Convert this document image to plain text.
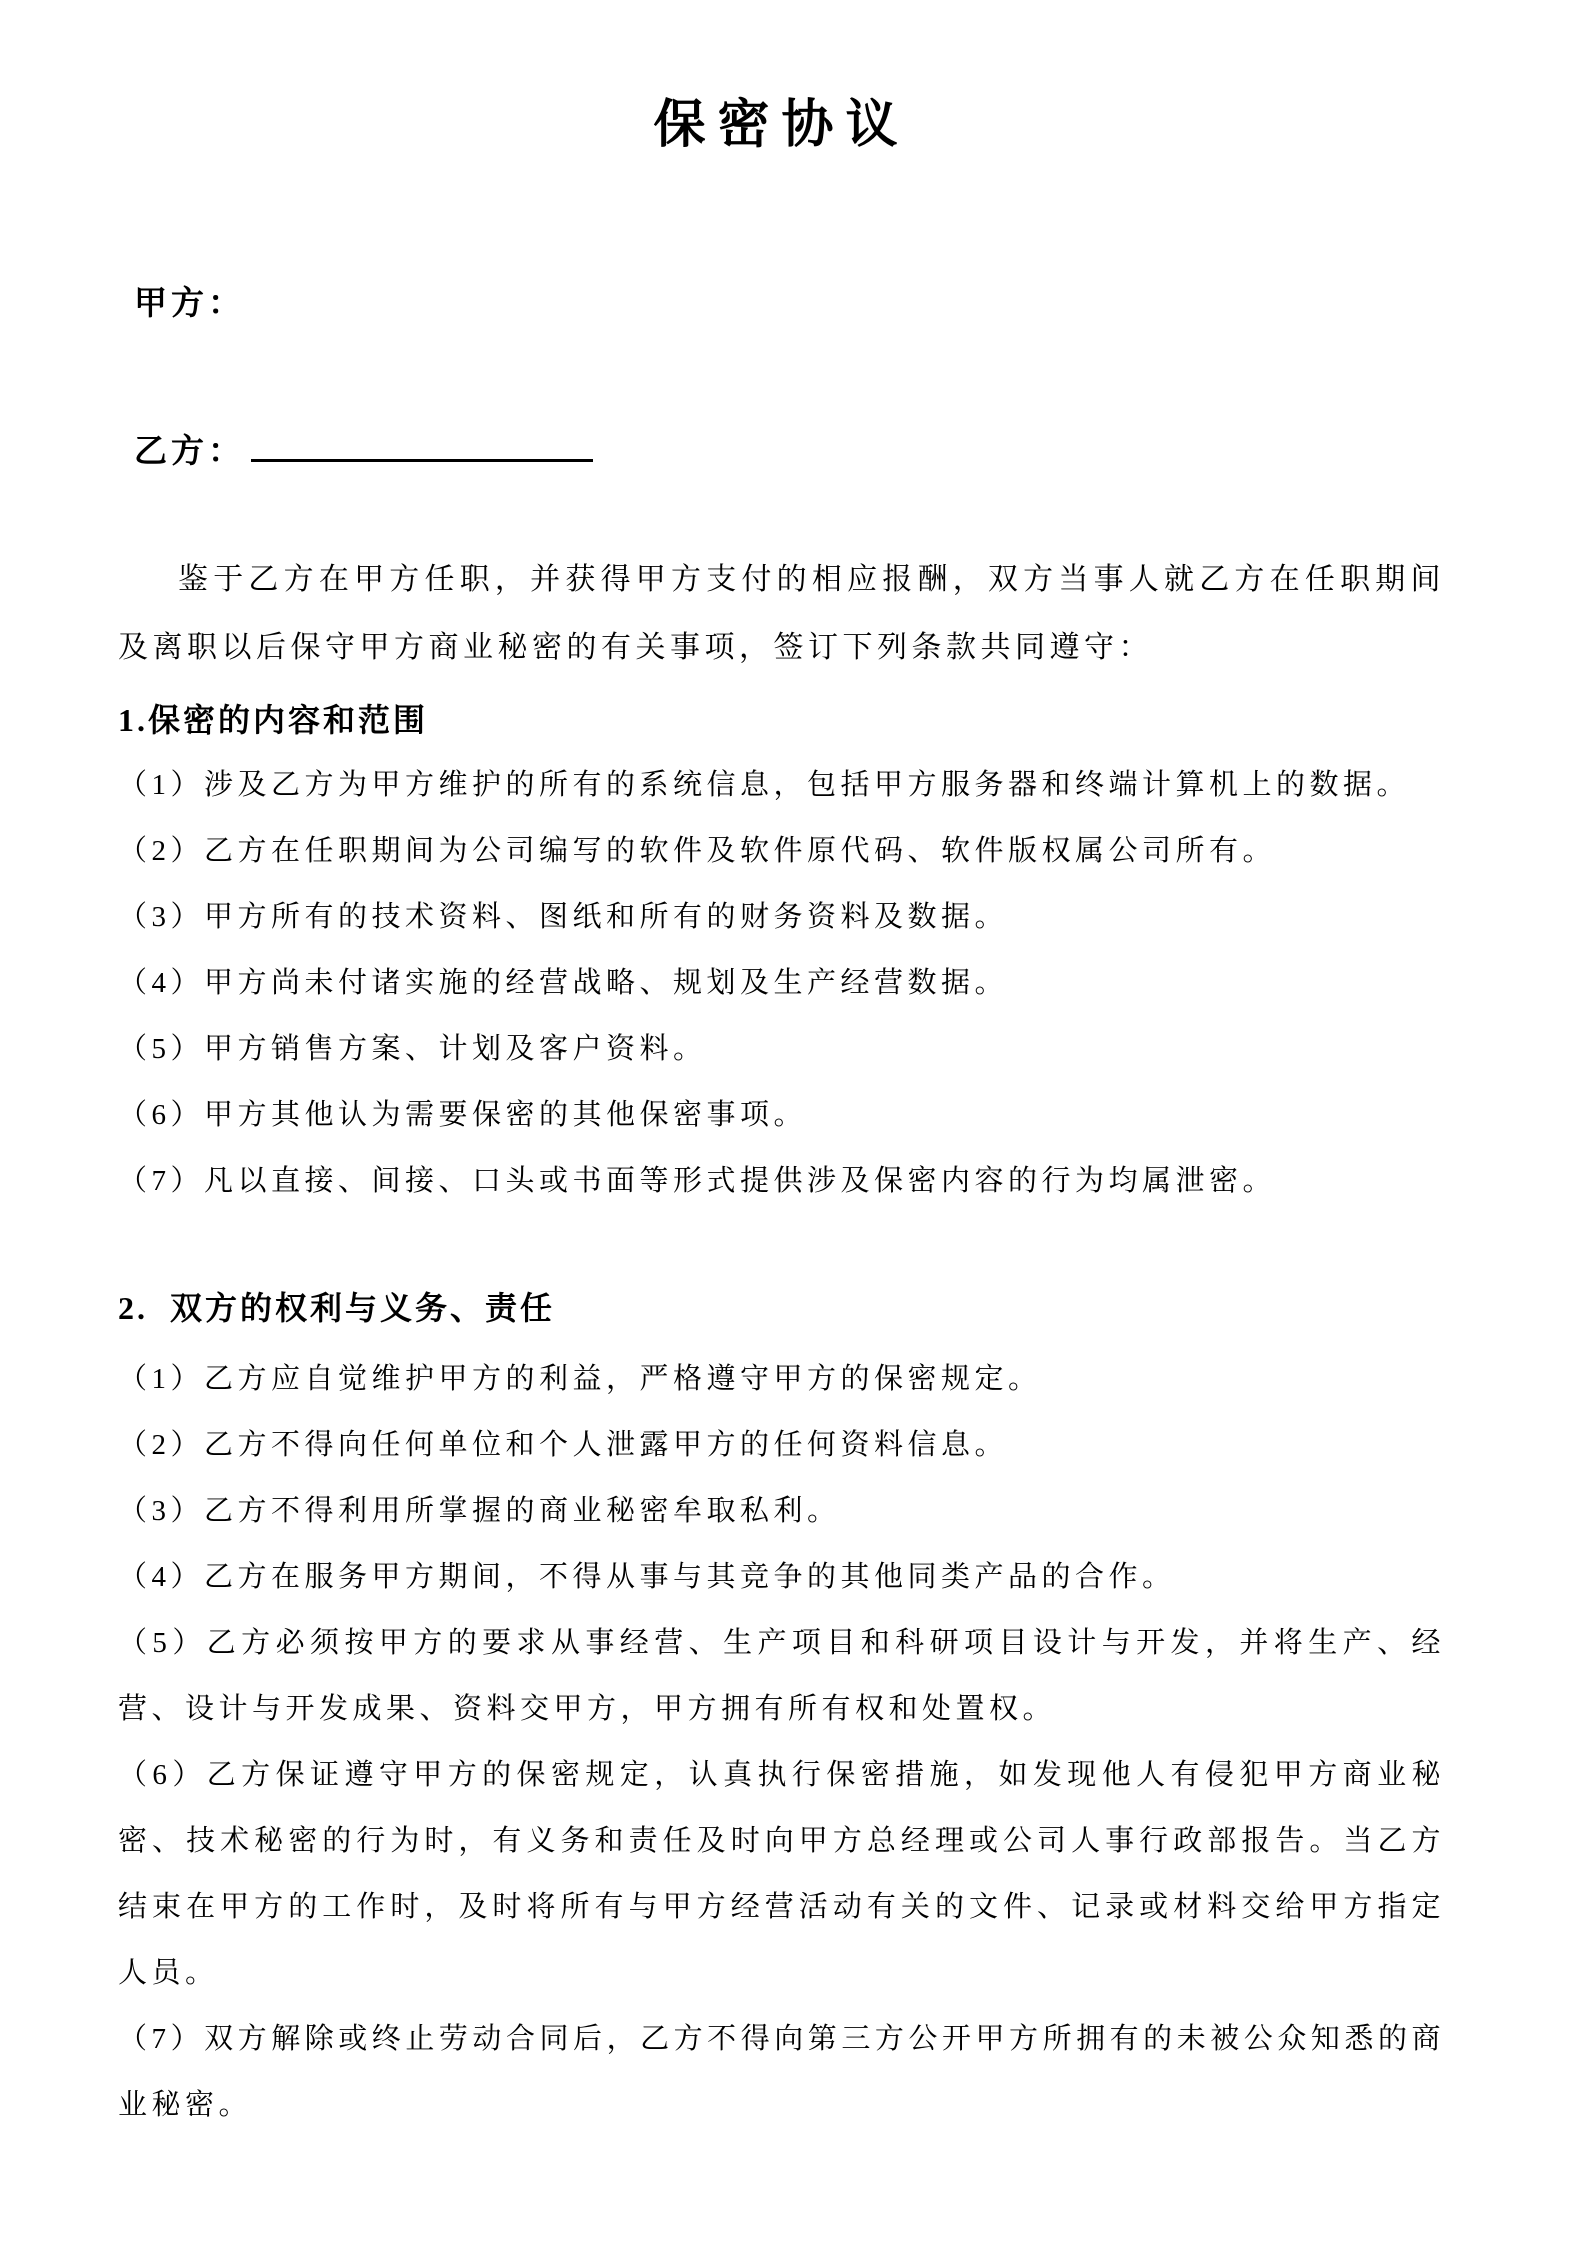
保密协议
甲方：
乙方：

鉴于乙方在甲方任职，并获得甲方支付的相应报酬，双方当事人就乙方在任职期间及离职以后保守甲方商业秘密的有关事项，签订下列条款共同遵守：

1.保密的内容和范围

（1）涉及乙方为甲方维护的所有的系统信息，包括甲方服务器和终端计算机上的数据。

（2）乙方在任职期间为公司编写的软件及软件原代码、软件版权属公司所有。

（3）甲方所有的技术资料、图纸和所有的财务资料及数据。

（4）甲方尚未付诸实施的经营战略、规划及生产经营数据。

（5）甲方销售方案、计划及客户资料。

（6）甲方其他认为需要保密的其他保密事项。

（7）凡以直接、间接、口头或书面等形式提供涉及保密内容的行为均属泄密。

2.  双方的权利与义务、责任

（1）乙方应自觉维护甲方的利益，严格遵守甲方的保密规定。

（2）乙方不得向任何单位和个人泄露甲方的任何资料信息。

（3）乙方不得利用所掌握的商业秘密牟取私利。

（4）乙方在服务甲方期间，不得从事与其竞争的其他同类产品的合作。

（5）乙方必须按甲方的要求从事经营、生产项目和科研项目设计与开发，并将生产、经营、设计与开发成果、资料交甲方，甲方拥有所有权和处置权。

（6）乙方保证遵守甲方的保密规定，认真执行保密措施，如发现他人有侵犯甲方商业秘密、技术秘密的行为时，有义务和责任及时向甲方总经理或公司人事行政部报告。当乙方结束在甲方的工作时，及时将所有与甲方经营活动有关的文件、记录或材料交给甲方指定人员。

（7）双方解除或终止劳动合同后，乙方不得向第三方公开甲方所拥有的未被公众知悉的商业秘密。
